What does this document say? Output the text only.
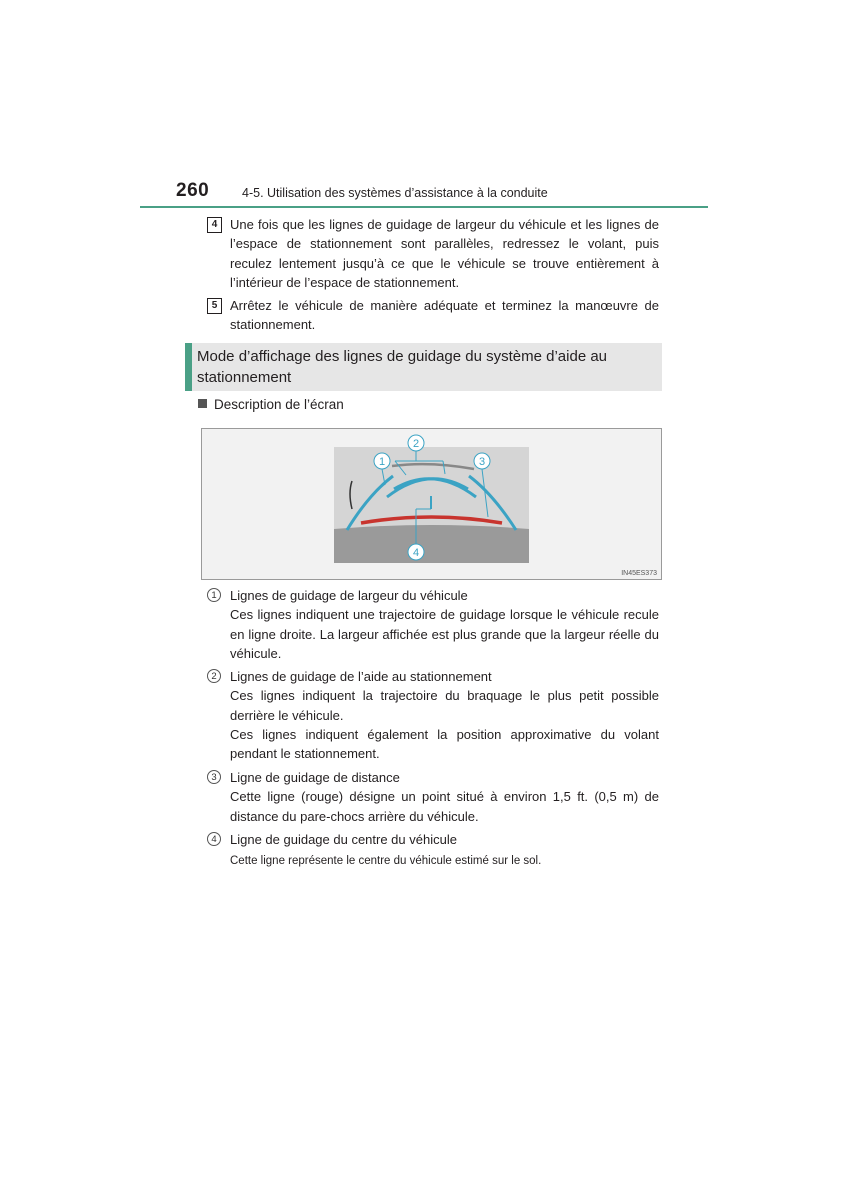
260	4-5. Utilisation des systèmes d’assistance à la conduite
4 Une fois que les lignes de guidage de largeur du véhicule et les lignes de l’espace de stationnement sont parallèles, redressez le volant, puis reculez lentement jusqu’à ce que le véhicule se trouve entièrement à l’intérieur de l’espace de stationnement.
5 Arrêtez le véhicule de manière adéquate et terminez la manœuvre de stationnement.
Mode d’affichage des lignes de guidage du système d’aide au stationnement
Description de l’écran
1
2
3
4
IN45ES373
1	Lignes de guidage de largeur du véhicule
Ces lignes indiquent une trajectoire de guidage lorsque le véhicule recule en ligne droite. La largeur affichée est plus grande que la largeur réelle du véhicule.
2	Lignes de guidage de l’aide au stationnement
Ces lignes indiquent la trajectoire du braquage le plus petit possible derrière le véhicule.
Ces lignes indiquent également la position approximative du volant pendant le stationnement.
3	Ligne de guidage de distance
Cette ligne (rouge) désigne un point situé à environ 1,5 ft. (0,5 m) de distance du pare-chocs arrière du véhicule.
4	Ligne de guidage du centre du véhicule
Cette ligne représente le centre du véhicule estimé sur le sol.
